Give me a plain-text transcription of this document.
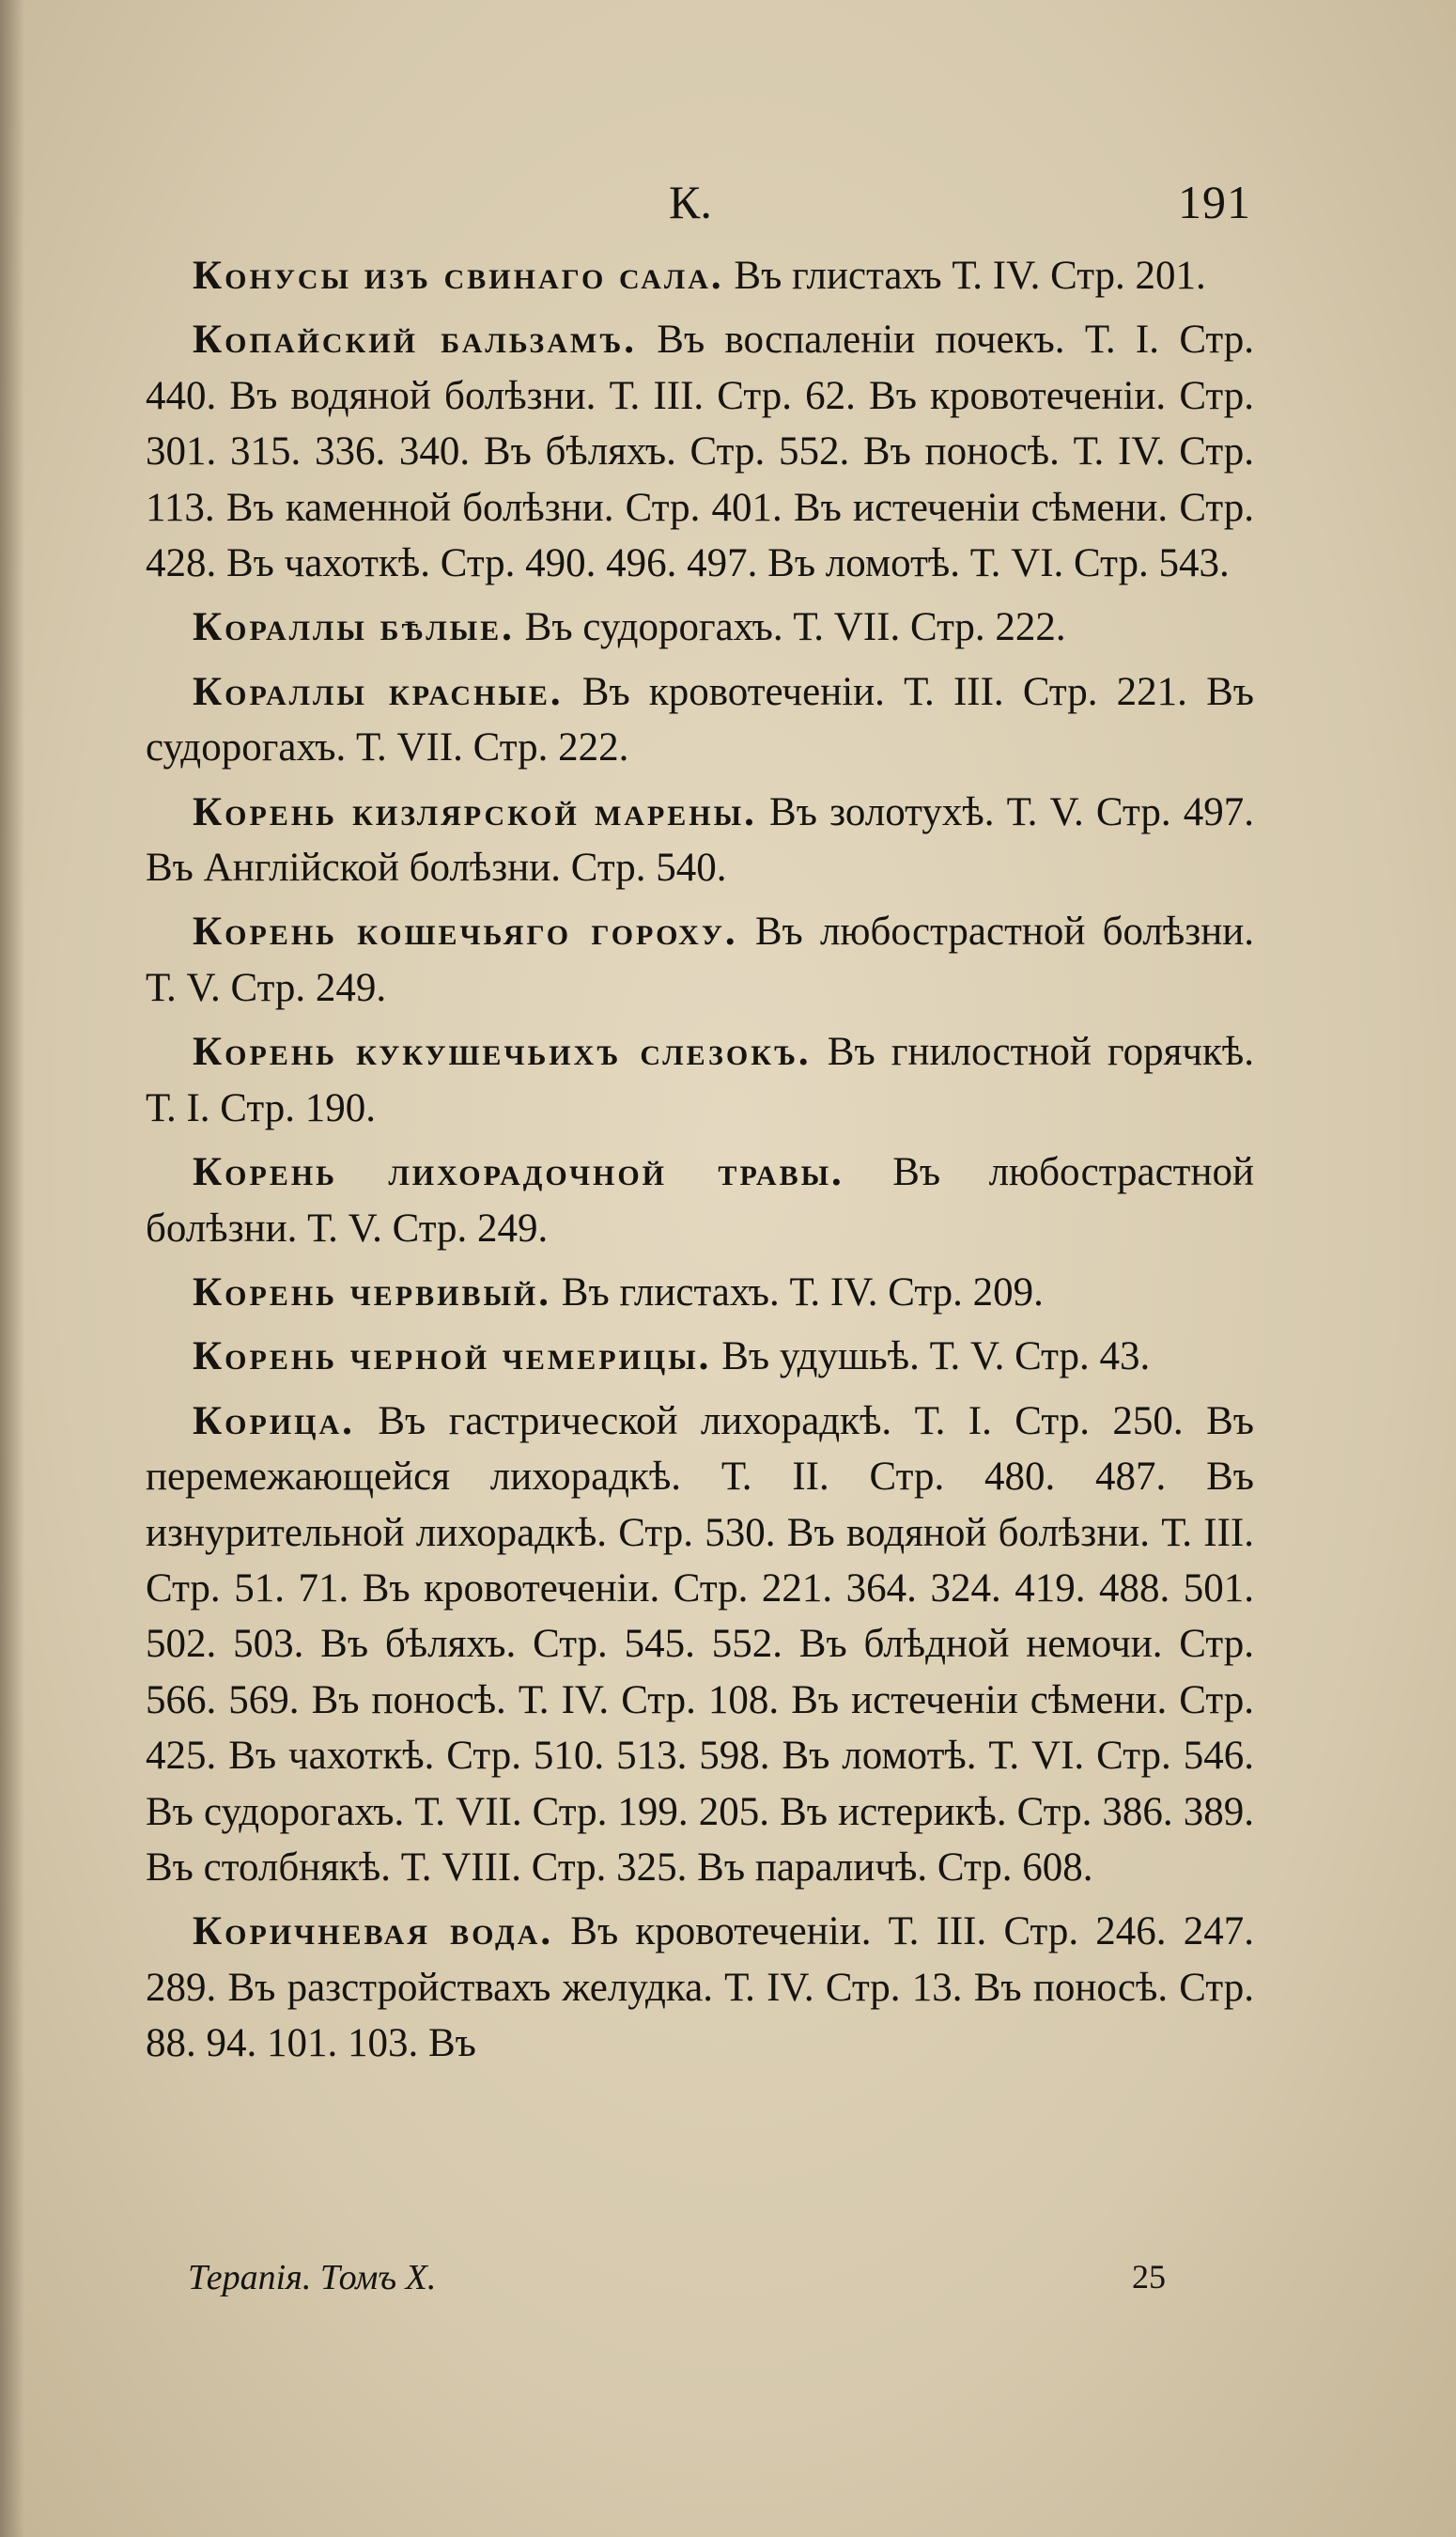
К.	191

Конусы изъ свинаго сала. Въ глистахъ Т. IV. Стр. 201.

Копайский бальзамъ. Въ воспаленіи почекъ. Т. I. Стр. 440. Въ водяной болѣзни. Т. III. Стр. 62. Въ кровотеченіи. Стр. 301. 315. 336. 340. Въ бѣляхъ. Стр. 552. Въ поносѣ. Т. IV. Стр. 113. Въ каменной болѣзни. Стр. 401. Въ истеченіи сѣмени. Стр. 428. Въ чахоткѣ. Стр. 490. 496. 497. Въ ломотѣ. Т. VI. Стр. 543.

Кораллы бѣлые. Въ судорогахъ. Т. VII. Стр. 222.

Кораллы красные. Въ кровотеченіи. Т. III. Стр. 221. Въ судорогахъ. Т. VII. Стр. 222.

Корень кизлярской марены. Въ золотухѣ. Т. V. Стр. 497. Въ Англійской болѣзни. Стр. 540.

Корень кошечьяго гороху. Въ любострастной болѣзни. Т. V. Стр. 249.

Корень кукушечьихъ слезокъ. Въ гнилостной горячкѣ. Т. I. Стр. 190.

Корень лихорадочной травы. Въ любострастной болѣзни. Т. V. Стр. 249.

Корень червивый. Въ глистахъ. Т. IV. Стр. 209.

Корень черной чемерицы. Въ удушьѣ. Т. V. Стр. 43.

Корица. Въ гастрической лихорадкѣ. Т. I. Стр. 250. Въ перемежающейся лихорадкѣ. Т. II. Стр. 480. 487. Въ изнурительной лихорадкѣ. Стр. 530. Въ водяной болѣзни. Т. III. Стр. 51. 71. Въ кровотеченіи. Стр. 221. 364. 324. 419. 488. 501. 502. 503. Въ бѣляхъ. Стр. 545. 552. Въ блѣдной немочи. Стр. 566. 569. Въ поносѣ. Т. IV. Стр. 108. Въ истеченіи сѣмени. Стр. 425. Въ чахоткѣ. Стр. 510. 513. 598. Въ ломотѣ. Т. VI. Стр. 546. Въ судорогахъ. Т. VII. Стр. 199. 205. Въ истерикѣ. Стр. 386. 389. Въ столбнякѣ. Т. VIII. Стр. 325. Въ параличѣ. Стр. 608.

Коричневая вода. Въ кровотеченіи. Т. III. Стр. 246. 247. 289. Въ разстройствахъ желудка. Т. IV. Стр. 13. Въ поносѣ. Стр. 88. 94. 101. 103. Въ

Терапія. Томъ X.	25
